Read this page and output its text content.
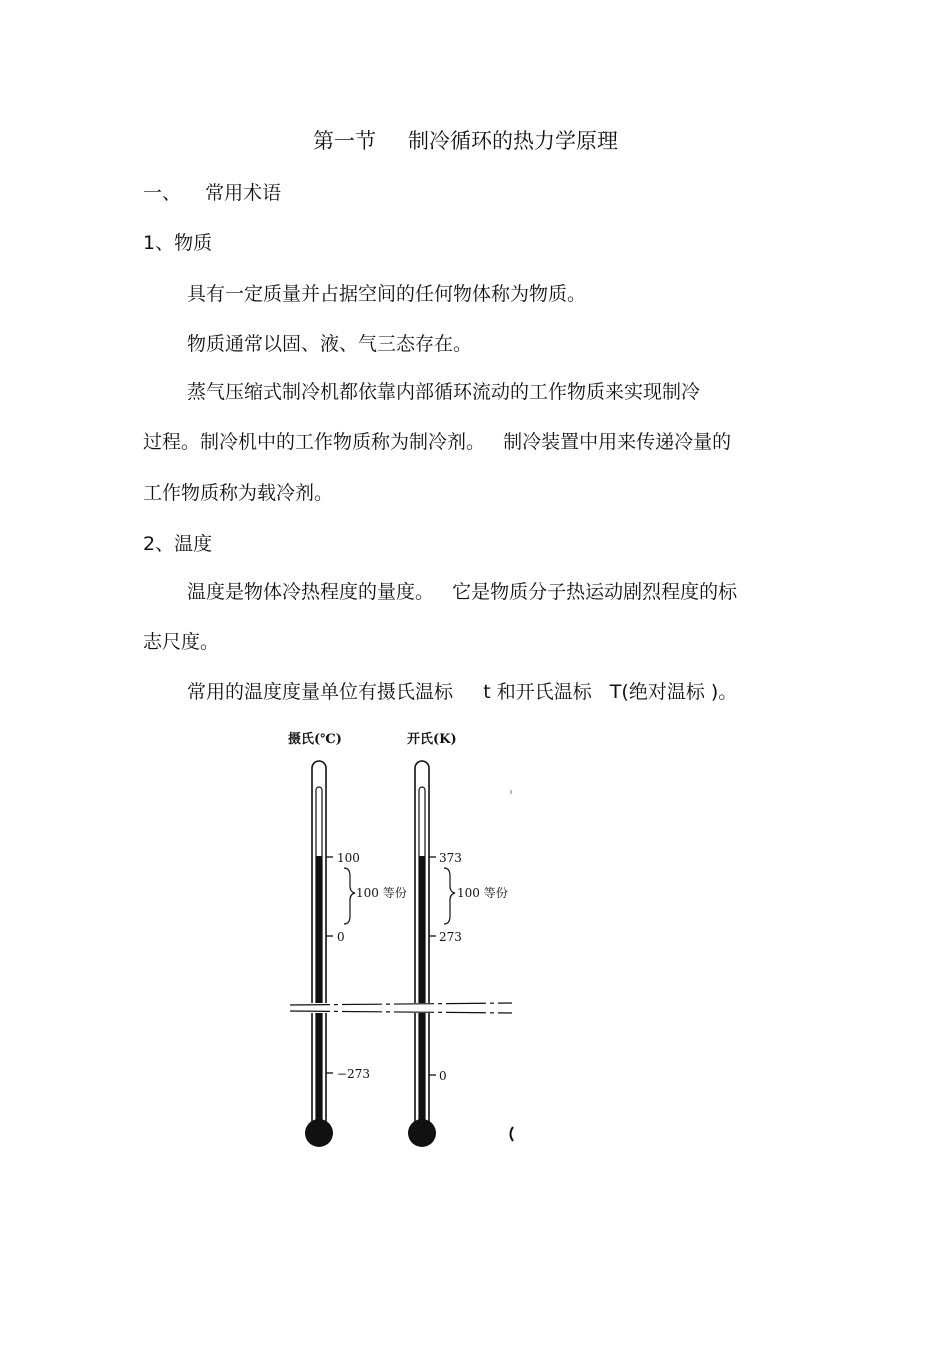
第一节 制冷循环的热力学原理
一、    常用术语
1、物质
具有一定质量并占据空间的任何物体称为物质。
物质通常以固、液、气三态存在。
蒸气压缩式制冷机都依靠内部循环流动的工作物质来实现制冷
过程。制冷机中的工作物质称为制冷剂。   制冷装置中用来传递冷量的
工作物质称为载冷剂。
2、温度
温度是物体冷热程度的量度。   它是物质分子热运动剧烈程度的标
志尺度。
常用的温度度量单位有摄氏温标     t 和开氏温标   T(绝对温标 )。
摄氏(℃)
100
0
100 等份
−273
开氏(K)
373
273
100 等份
0
